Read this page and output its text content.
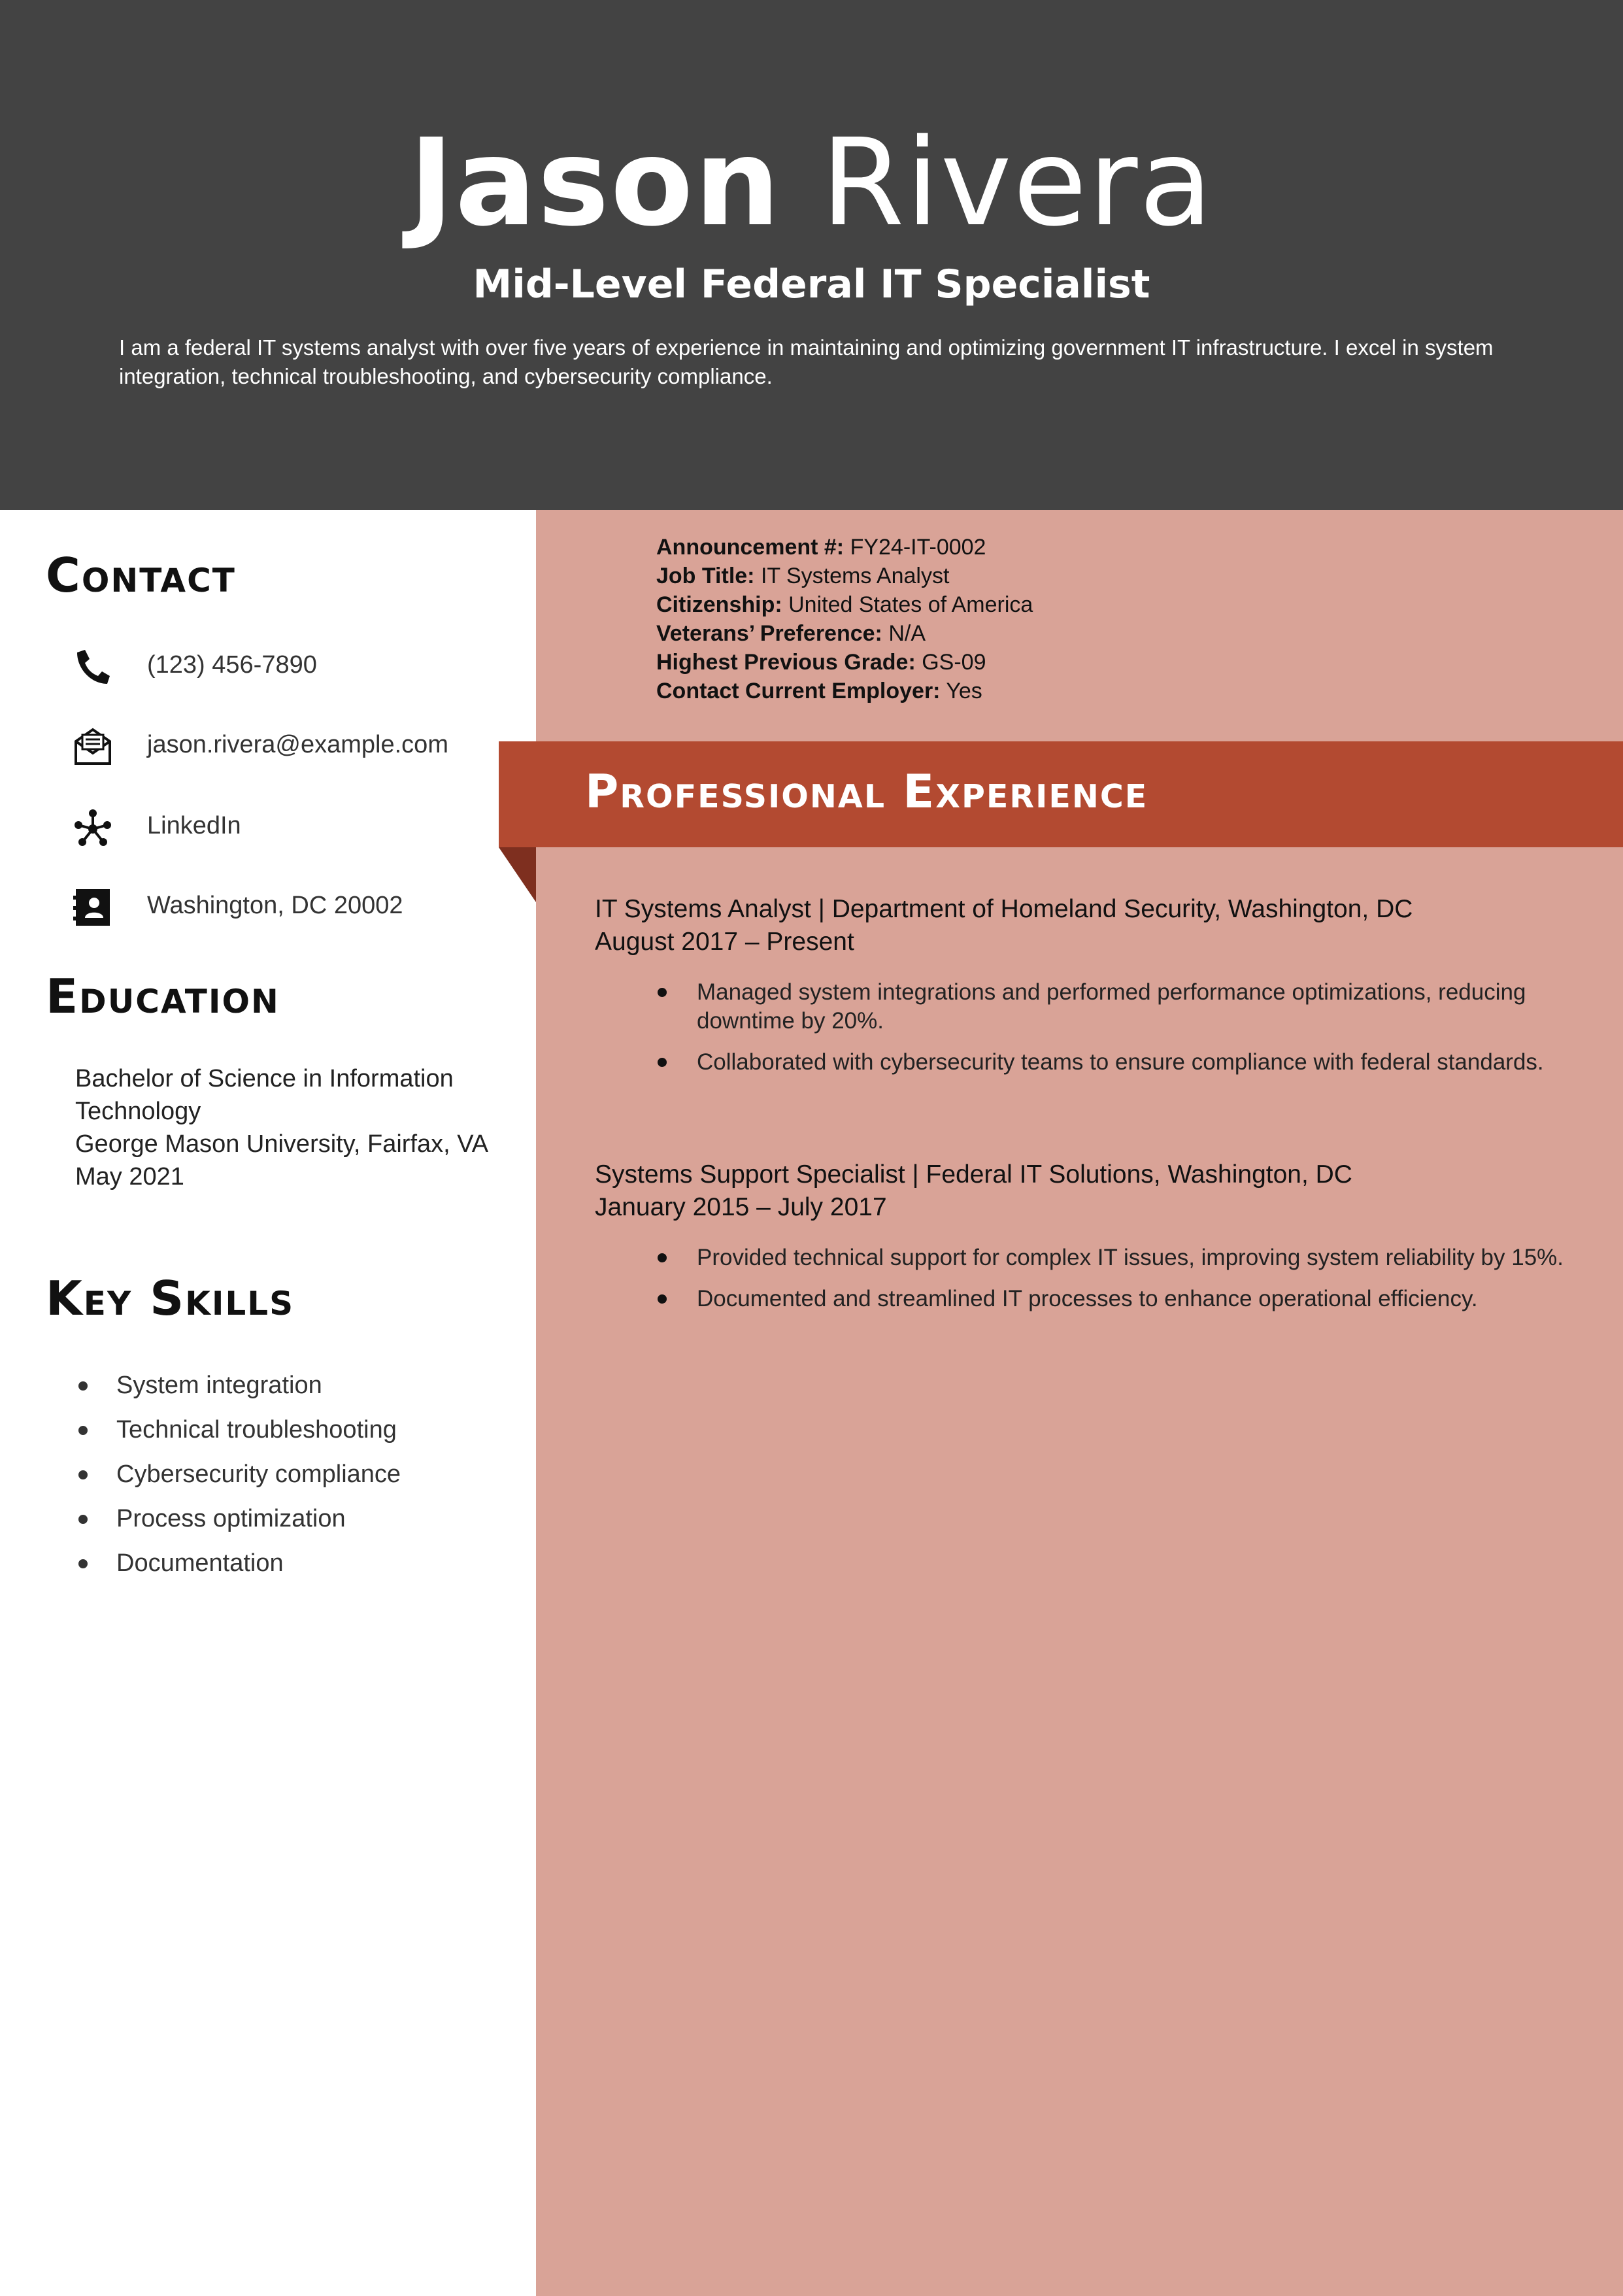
Jason Rivera
Mid-Level Federal IT Specialist
I am a federal IT systems analyst with over five years of experience in maintaining and optimizing government IT infrastructure. I excel in system integration, technical troubleshooting, and cybersecurity compliance.
Contact
(123) 456-7890
jason.rivera@example.com
LinkedIn
Washington, DC 20002
Education
Bachelor of Science in Information Technology
George Mason University, Fairfax, VA
May 2021
Key Skills
System integration
Technical troubleshooting
Cybersecurity compliance
Process optimization
Documentation
Announcement #: FY24-IT-0002
Job Title: IT Systems Analyst
Citizenship: United States of America
Veterans’ Preference: N/A
Highest Previous Grade: GS-09
Contact Current Employer: Yes
Professional Experience
IT Systems Analyst | Department of Homeland Security, Washington, DC
August 2017 – Present
Managed system integrations and performed performance optimizations, reducing downtime by 20%.
Collaborated with cybersecurity teams to ensure compliance with federal standards.
Systems Support Specialist | Federal IT Solutions, Washington, DC
January 2015 – July 2017
Provided technical support for complex IT issues, improving system reliability by 15%.
Documented and streamlined IT processes to enhance operational efficiency.
